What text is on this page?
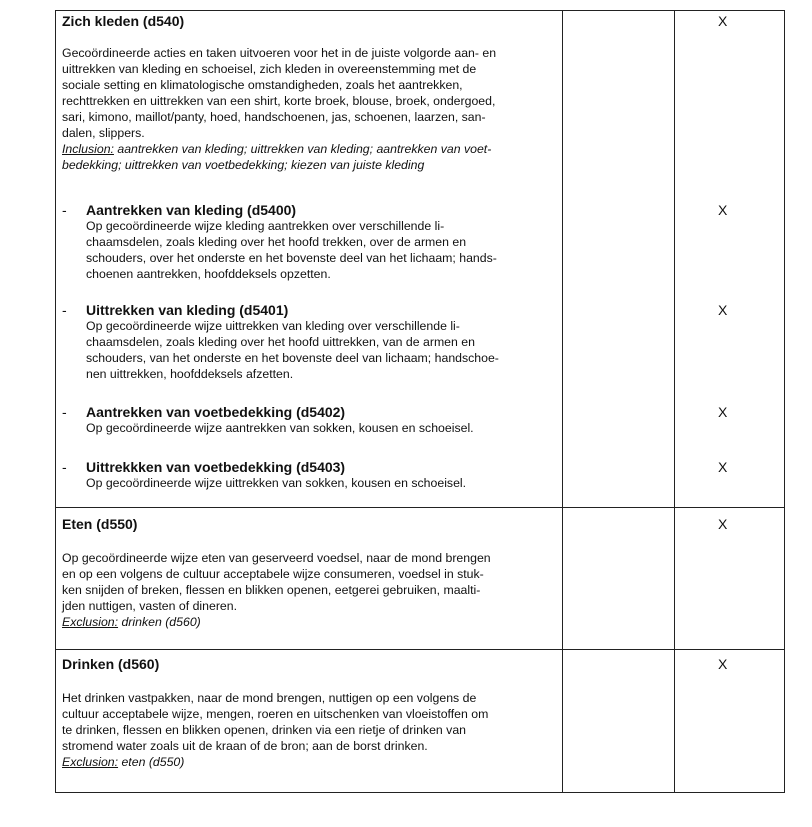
Zich kleden (d540)

Gecoördineerde acties en taken uitvoeren voor het in de juiste volgorde aan- en

uittrekken van kleding en schoeisel, zich kleden in overeenstemming met de

sociale setting en klimatologische omstandigheden, zoals het aantrekken,

rechttrekken en uittrekken van een shirt, korte broek, blouse, broek, ondergoed,

sari, kimono, maillot/panty, hoed, handschoenen, jas, schoenen, laarzen, san-

dalen, slippers.

Inclusion: aantrekken van kleding; uittrekken van kleding; aantrekken van voet-

bedekking; uittrekken van voetbedekking; kiezen van juiste kleding

X
- Aantrekken van kleding (d5400)
Op gecoördineerde wijze kleding aantrekken over verschillende li-
chaamsdelen, zoals kleding over het hoofd trekken, over de armen en
schouders, over het onderste en het bovenste deel van het lichaam; hands-
choenen aantrekken, hoofddeksels opzetten.
X
- Uittrekken van kleding (d5401)
Op gecoördineerde wijze uittrekken van kleding over verschillende li-
chaamsdelen, zoals kleding over het hoofd uittrekken, van de armen en
schouders, van het onderste en het bovenste deel van lichaam; handschoe-
nen uittrekken, hoofddeksels afzetten.
X
- Aantrekken van voetbedekking (d5402)
Op gecoördineerde wijze aantrekken van sokken, kousen en schoeisel.
X
- Uittrekkken van voetbedekking (d5403)
Op gecoördineerde wijze uittrekken van sokken, kousen en schoeisel.
X
Eten (d550)

Op gecoördineerde wijze eten van geserveerd voedsel, naar de mond brengen

en op een volgens de cultuur acceptabele wijze consumeren, voedsel in stuk-

ken snijden of breken, flessen en blikken openen, eetgerei gebruiken, maalti-

jden nuttigen, vasten of dineren.

Exclusion: drinken (d560)

X
Drinken (d560)

Het drinken vastpakken, naar de mond brengen, nuttigen op een volgens de

cultuur acceptabele wijze, mengen, roeren en uitschenken van vloeistoffen om

te drinken, flessen en blikken openen, drinken via een rietje of drinken van

stromend water zoals uit de kraan of de bron; aan de borst drinken.

Exclusion: eten (d550)

X
